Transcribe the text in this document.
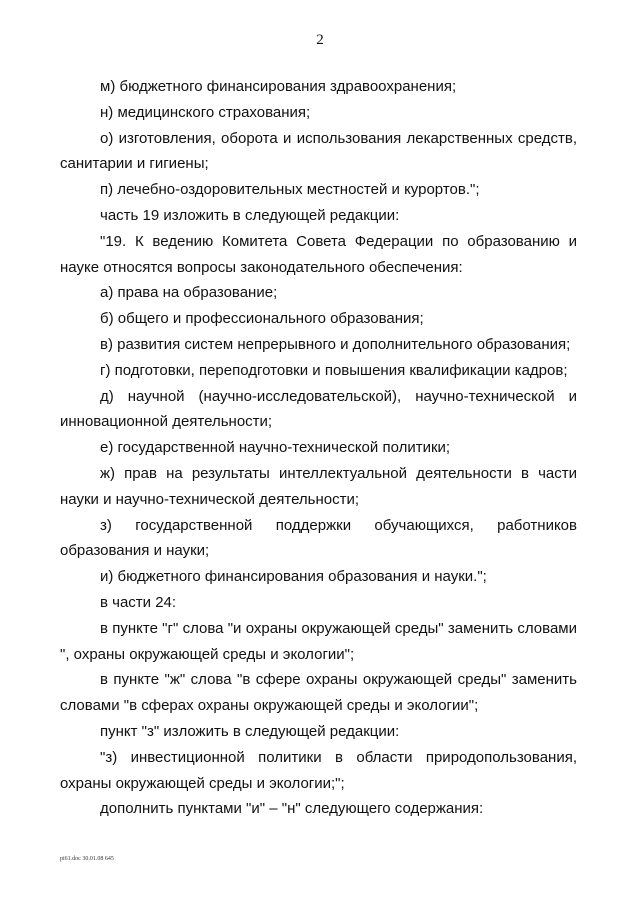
2

м) бюджетного финансирования здравоохранения;

н) медицинского страхования;

о) изготовления, оборота и использования лекарственных средств, санитарии и гигиены;

п) лечебно-оздоровительных местностей и курортов.";

часть 19 изложить в следующей редакции:

"19. К ведению Комитета Совета Федерации по образованию и науке относятся вопросы законодательного обеспечения:

а) права на образование;

б) общего и профессионального образования;

в) развития систем непрерывного и дополнительного образования;

г) подготовки, переподготовки и повышения квалификации кадров;

д) научной (научно-исследовательской), научно-технической и инновационной деятельности;

е) государственной научно-технической политики;

ж) прав на результаты интеллектуальной деятельности в части науки и научно-технической деятельности;

з) государственной поддержки обучающихся, работников образования и науки;

и) бюджетного финансирования образования и науки.";

в части 24:

в пункте "г" слова "и охраны окружающей среды" заменить словами ", охраны окружающей среды и экологии";

в пункте "ж" слова "в сфере охраны окружающей среды" заменить словами "в сферах охраны окружающей среды и экологии";

пункт "з" изложить в следующей редакции:

"з) инвестиционной политики в области природопользования, охраны окружающей среды и экологии;";

дополнить пунктами "и" – "н" следующего содержания:

pi61.doc 30.01.08 645
